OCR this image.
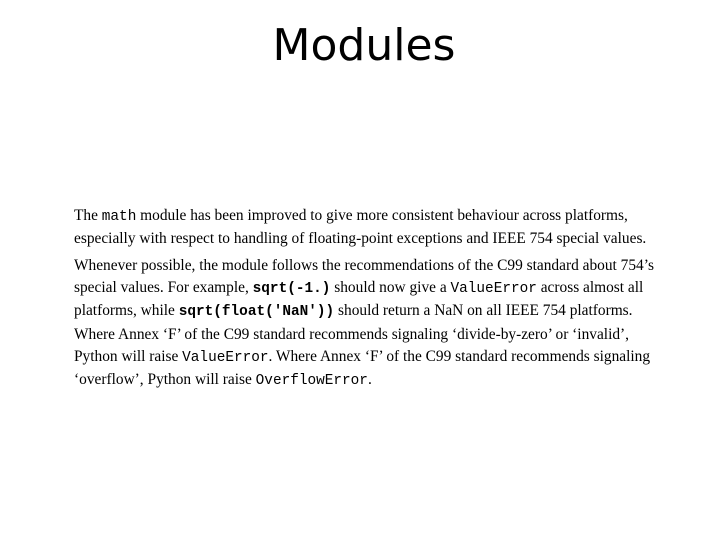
Modules

The math module has been improved to give more consistent behaviour across platforms, especially with respect to handling of floating-point exceptions and IEEE 754 special values.

Whenever possible, the module follows the recommendations of the C99 standard about 754’s special values. For example, sqrt(-1.) should now give a ValueError across almost all platforms, while sqrt(float('NaN')) should return a NaN on all IEEE 754 platforms. Where Annex ‘F’ of the C99 standard recommends signaling ‘divide-by-zero’ or ‘invalid’, Python will raise ValueError. Where Annex ‘F’ of the C99 standard recommends signaling ‘overflow’, Python will raise OverflowError.
